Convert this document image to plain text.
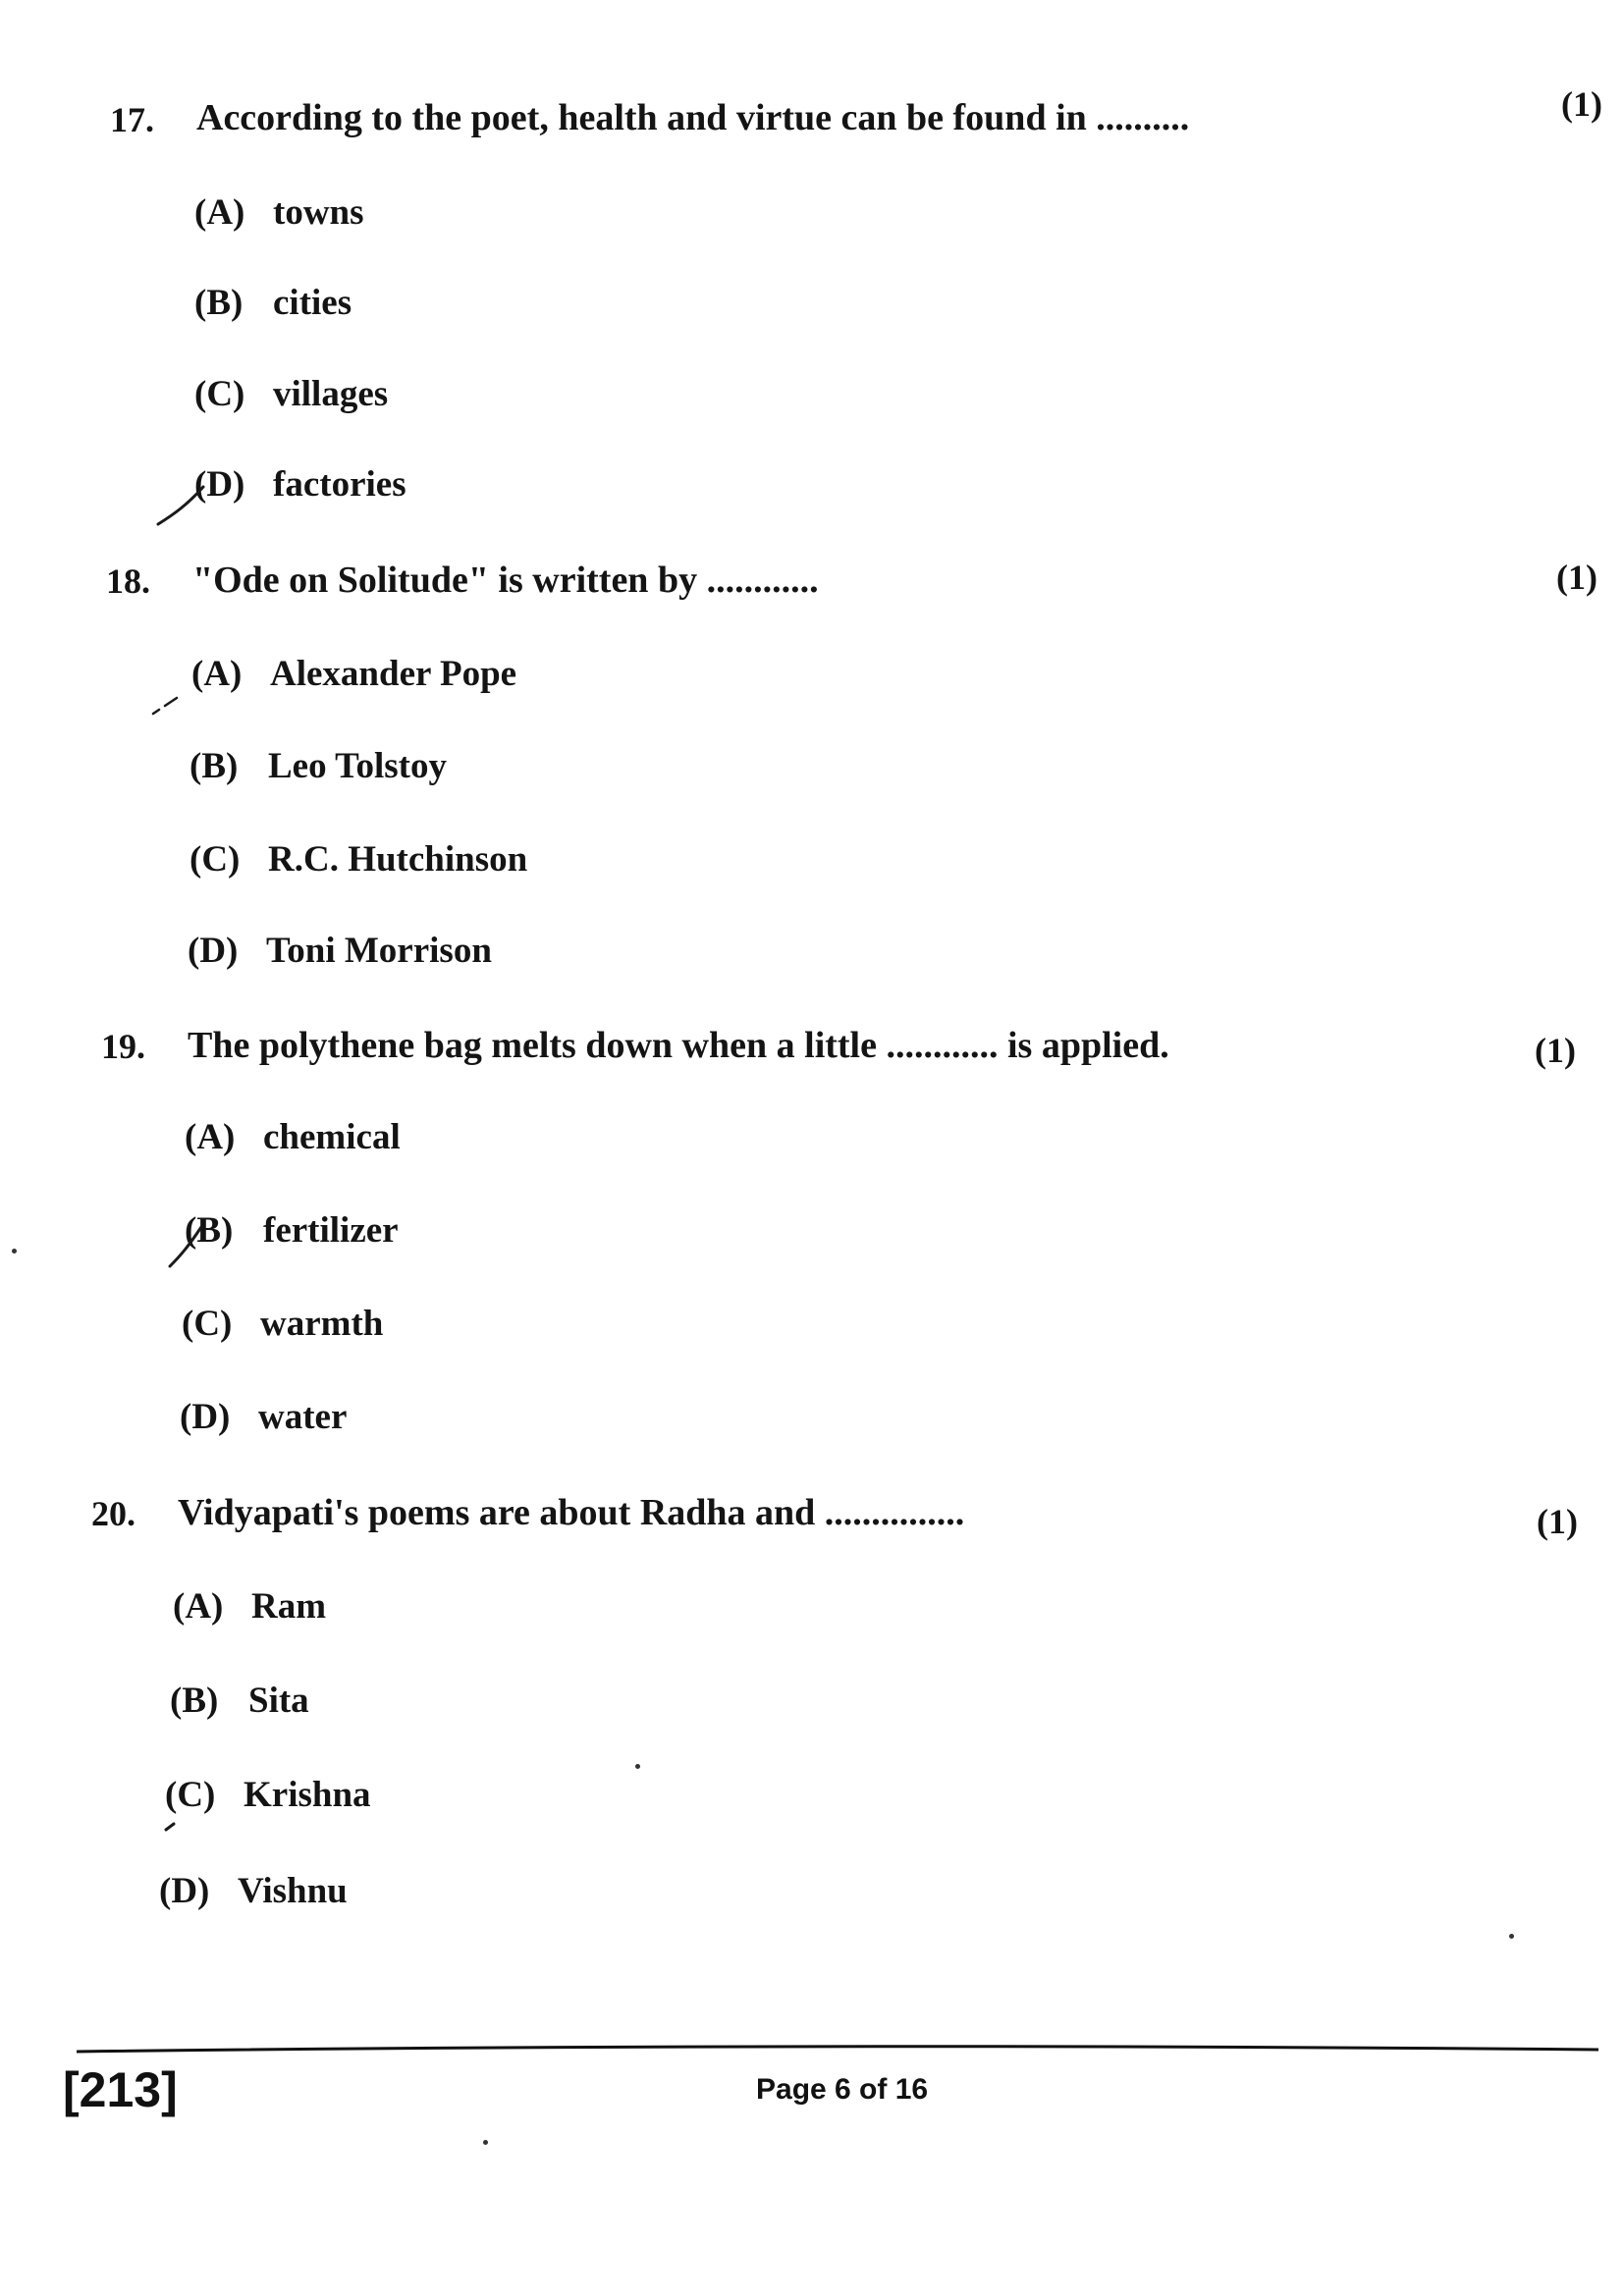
17. According to the poet, health and virtue can be found in ..........	(1)
(A) towns
(B) cities
(C) villages
(D) factories
18. "Ode on Solitude" is written by ............	(1)
(A) Alexander Pope
(B) Leo Tolstoy
(C) R.C. Hutchinson
(D) Toni Morrison
19. The polythene bag melts down when a little ............ is applied.	(1)
(A) chemical
(B) fertilizer
(C) warmth
(D) water
20. Vidyapati's poems are about Radha and ...............	(1)
(A) Ram
(B) Sita
(C) Krishna
(D) Vishnu
[213]	Page 6 of 16
